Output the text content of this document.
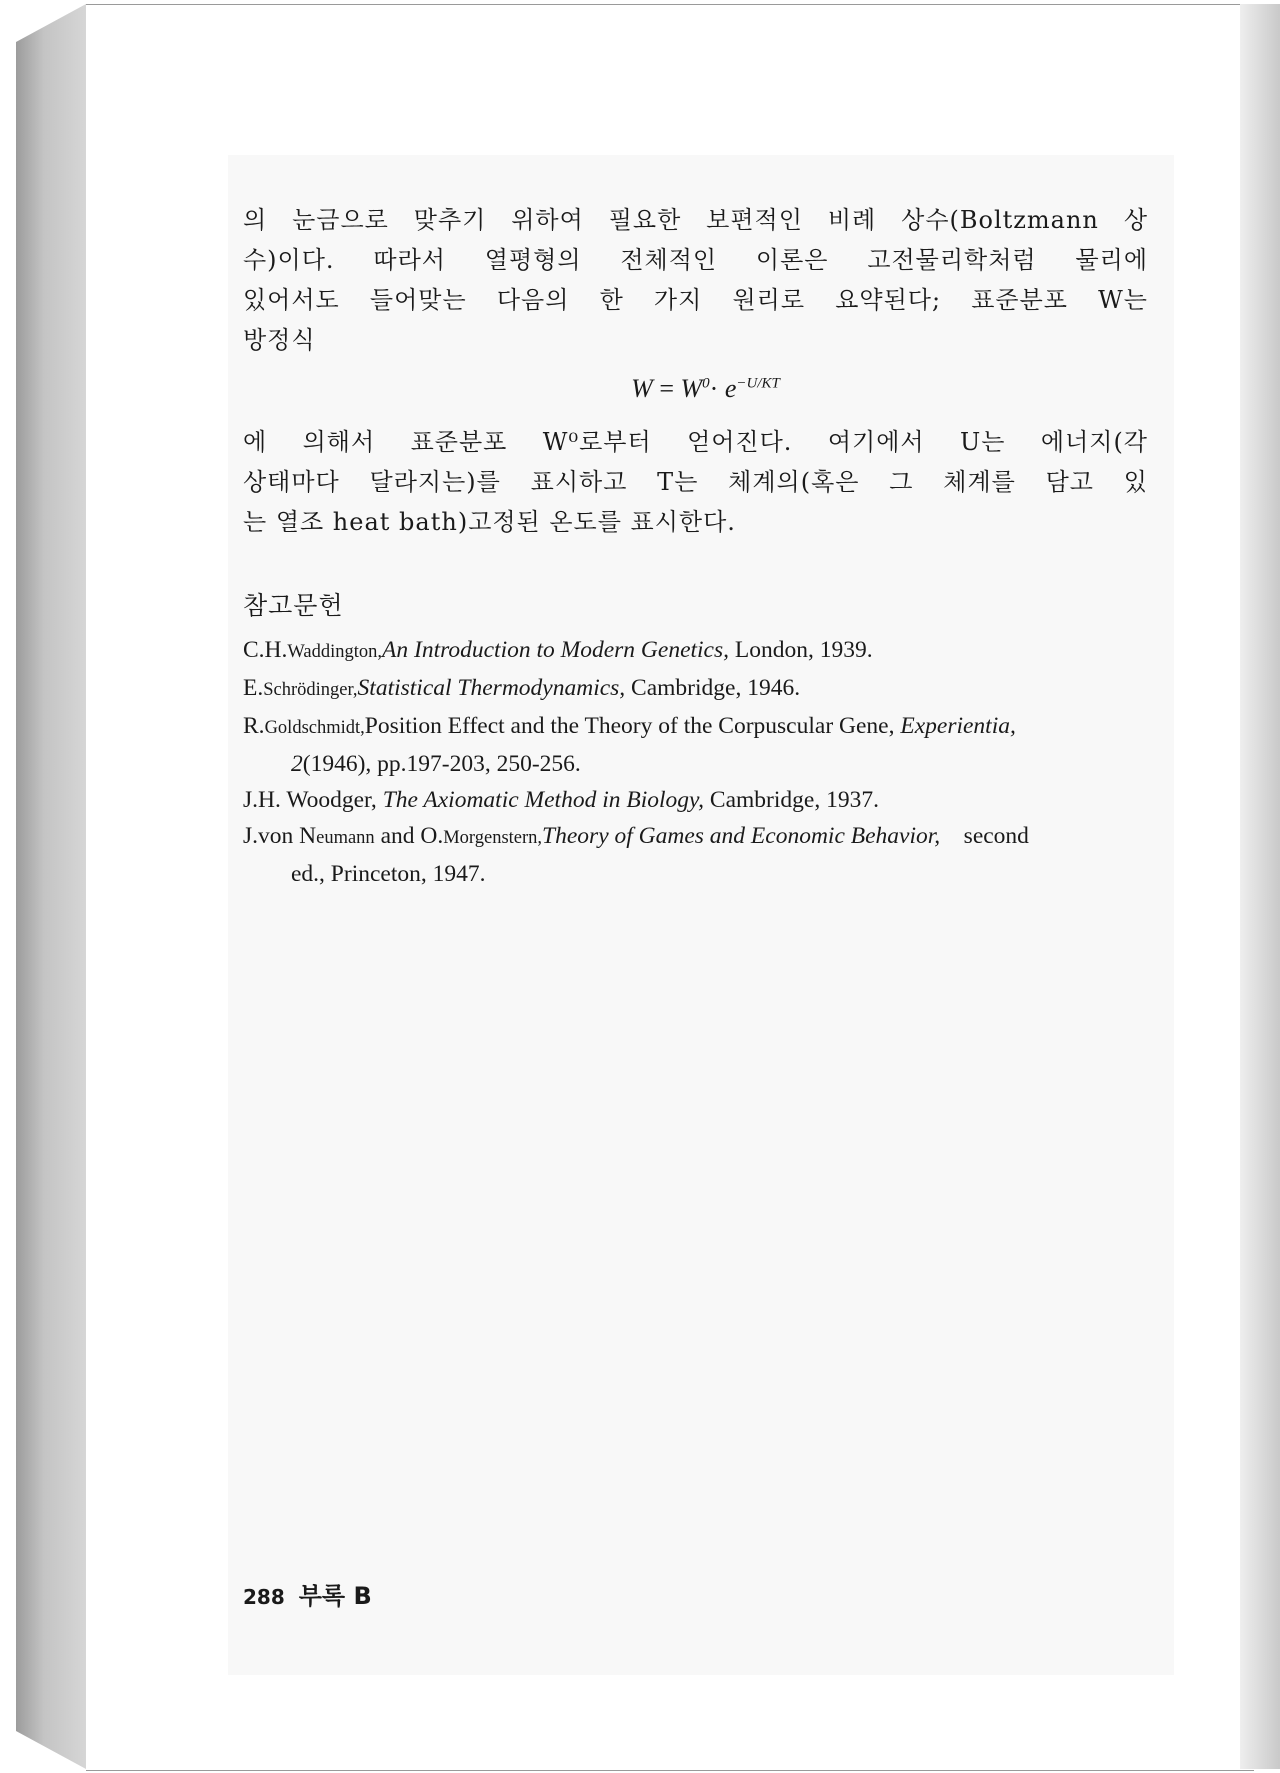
의 눈금으로 맞추기 위하여 필요한 보편적인 비례 상수(Boltzmann 상
수)이다. 따라서 열평형의 전체적인 이론은 고전물리학처럼 물리에
있어서도 들어맞는 다음의 한 가지 원리로 요약된다; 표준분포 W는
방정식

$W = W^0\cdot e^{-U/KT}$

에 의해서 표준분포 W⁰로부터 얻어진다. 여기에서 U는 에너지(각
상태마다 달라지는)를 표시하고 T는 체계의(혹은 그 체계를 담고 있
는 열조 heat bath)고정된 온도를 표시한다.

참고문헌
C.H.Waddington,An Introduction to Modern Genetics, London, 1939.
E.Schrödinger,Statistical Thermodynamics, Cambridge, 1946.
R.Goldschmidt,Position Effect and the Theory of the Corpuscular Gene, Experientia,
2(1946), pp.197-203, 250-256.
J.H. Woodger, The Axiomatic Method in Biology, Cambridge, 1937.
J.von Neumann and O.Morgenstern,Theory of Games and Economic Behavior,    second
ed., Princeton, 1947.
288 부록 B
